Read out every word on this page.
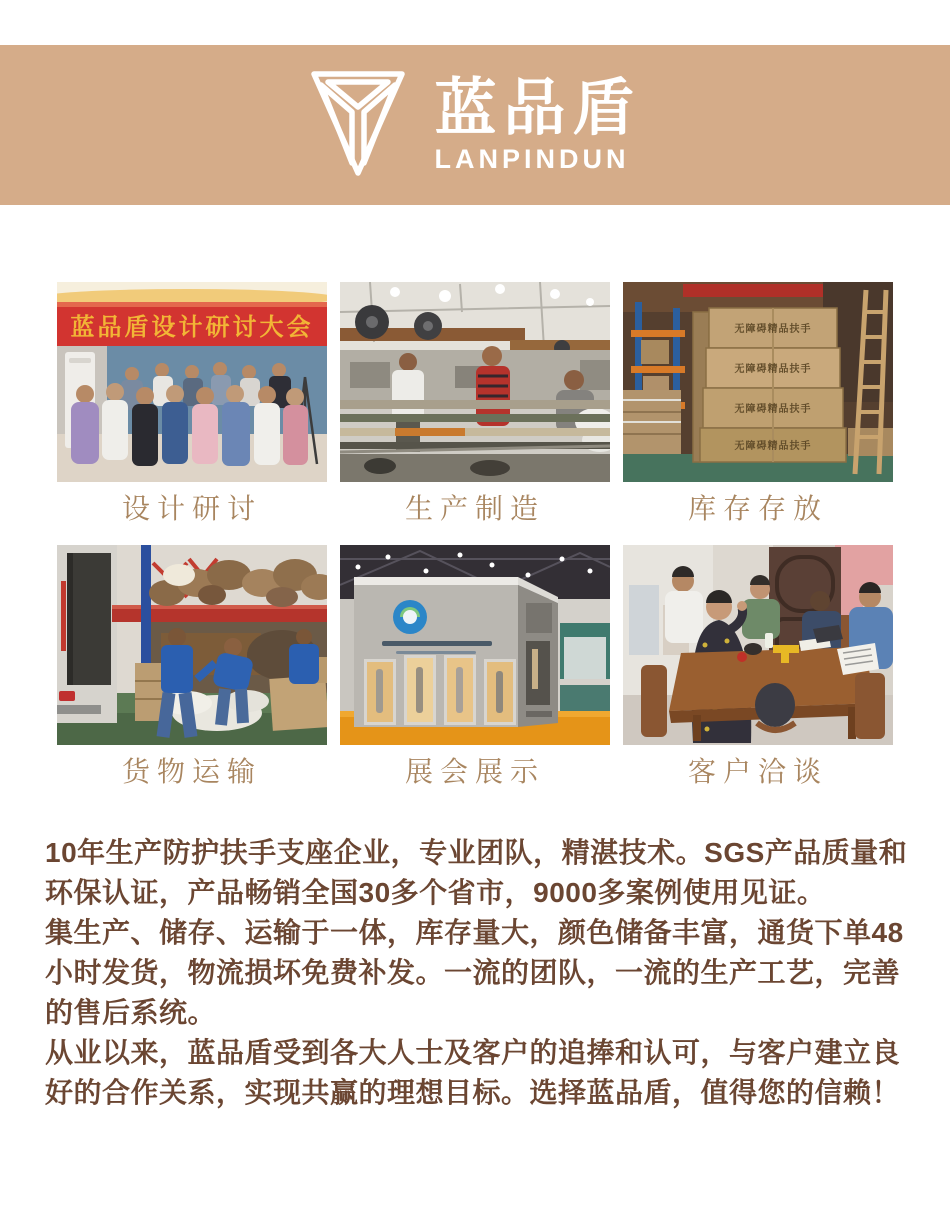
蓝品盾
LANPINDUN
蓝品盾设计研讨大会
设计研讨	生产制造
无障碍精品扶手
无障碍精品扶手
无障碍精品扶手
无障碍精品扶手
库存存放
货物运输	展会展示	客户洽谈

10年生产防护扶手支座企业，专业团队，精湛技术。SGS产品质量和

环保认证，产品畅销全国30多个省市，9000多案例使用见证。

集生产、储存、运输于一体，库存量大，颜色储备丰富，通货下单48

小时发货，物流损坏免费补发。一流的团队，一流的生产工艺，完善

的售后系统。

从业以来，蓝品盾受到各大人士及客户的追捧和认可，与客户建立良

好的合作关系，实现共赢的理想目标。选择蓝品盾，值得您的信赖！
